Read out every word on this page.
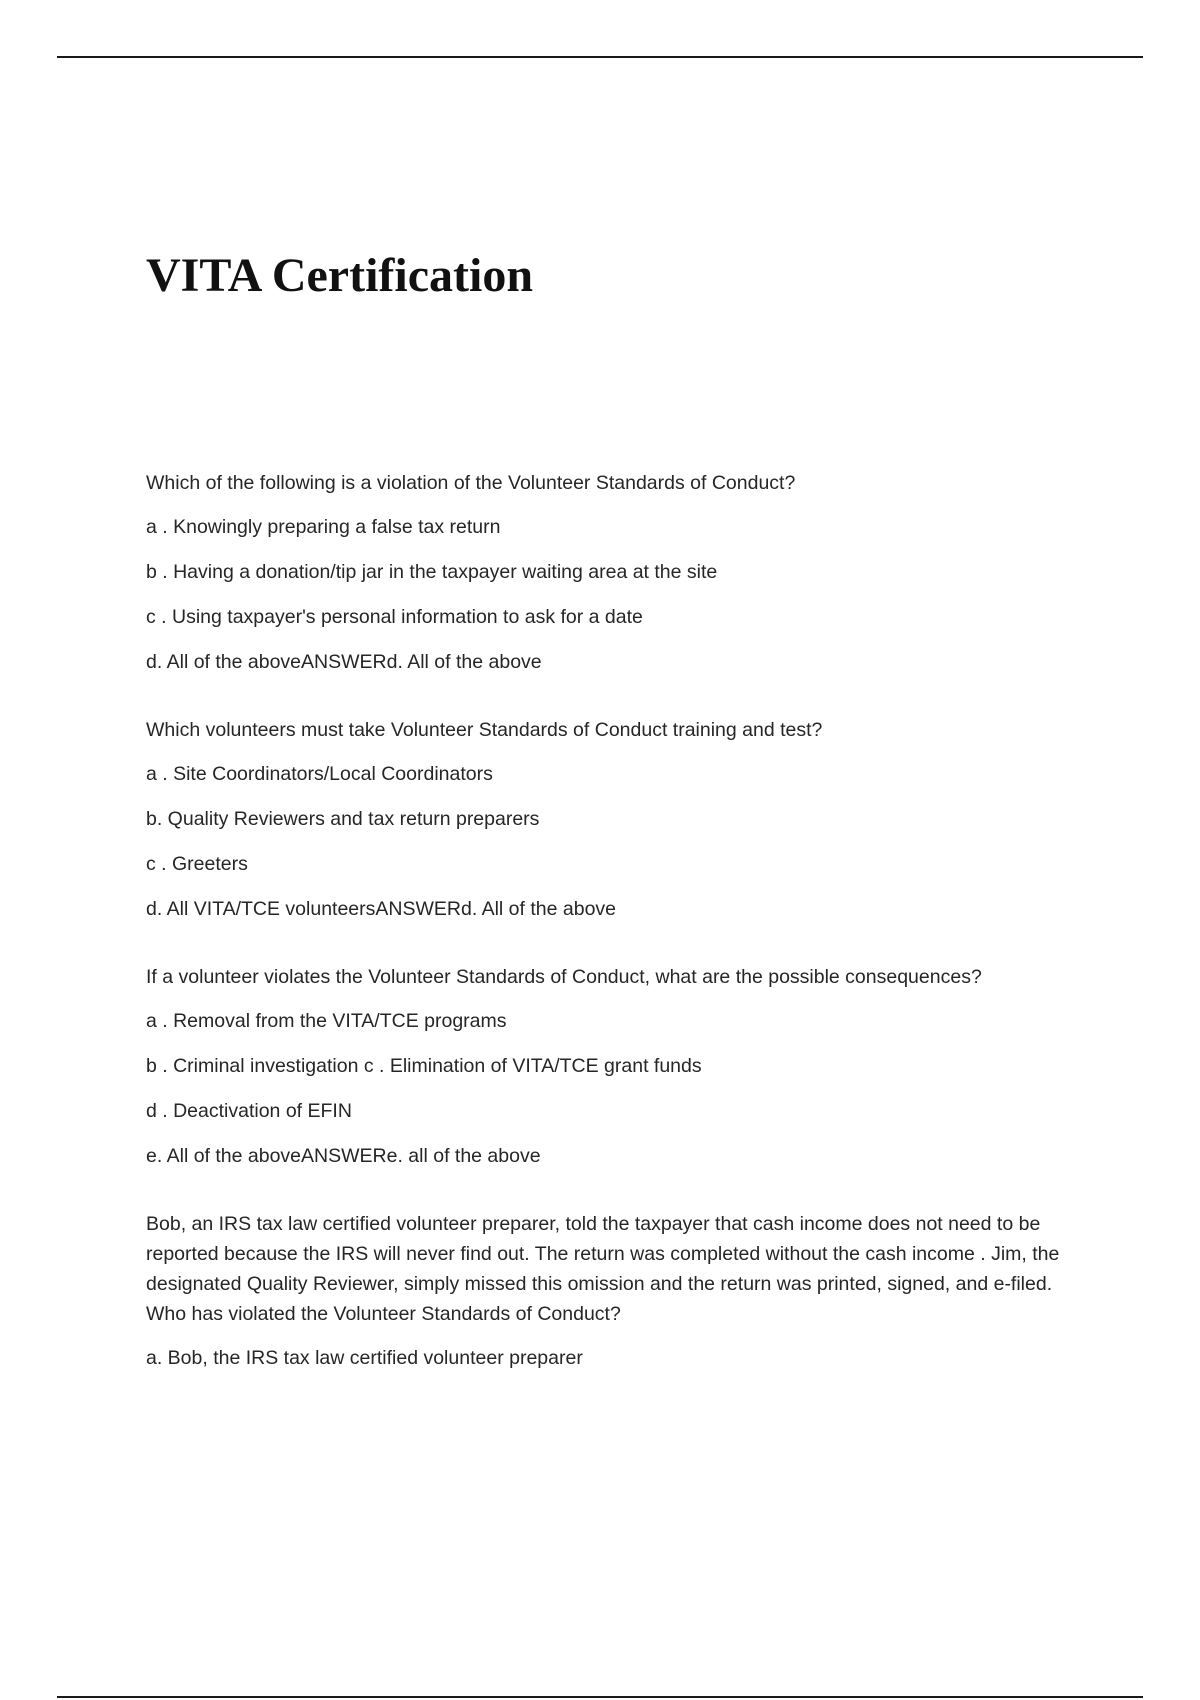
VITA Certification

Which of the following is a violation of the Volunteer Standards of Conduct?

a . Knowingly preparing a false tax return

b . Having a donation/tip jar in the taxpayer waiting area at the site

c . Using taxpayer's personal information to ask for a date

d. All of the aboveANSWERd. All of the above

Which volunteers must take Volunteer Standards of Conduct training and test?

a . Site Coordinators/Local Coordinators

b. Quality Reviewers and tax return preparers

c . Greeters

d. All VITA/TCE volunteersANSWERd. All of the above

If a volunteer violates the Volunteer Standards of Conduct, what are the possible consequences?

a . Removal from the VITA/TCE programs

b . Criminal investigation c . Elimination of VITA/TCE grant funds

d . Deactivation of EFIN

e. All of the aboveANSWERe. all of the above

Bob, an IRS tax law certified volunteer preparer, told the taxpayer that cash income does not need to be reported because the IRS will never find out. The return was completed without the cash income . Jim, the designated Quality Reviewer, simply missed this omission and the return was printed, signed, and e-filed. Who has violated the Volunteer Standards of Conduct?

a. Bob, the IRS tax law certified volunteer preparer
